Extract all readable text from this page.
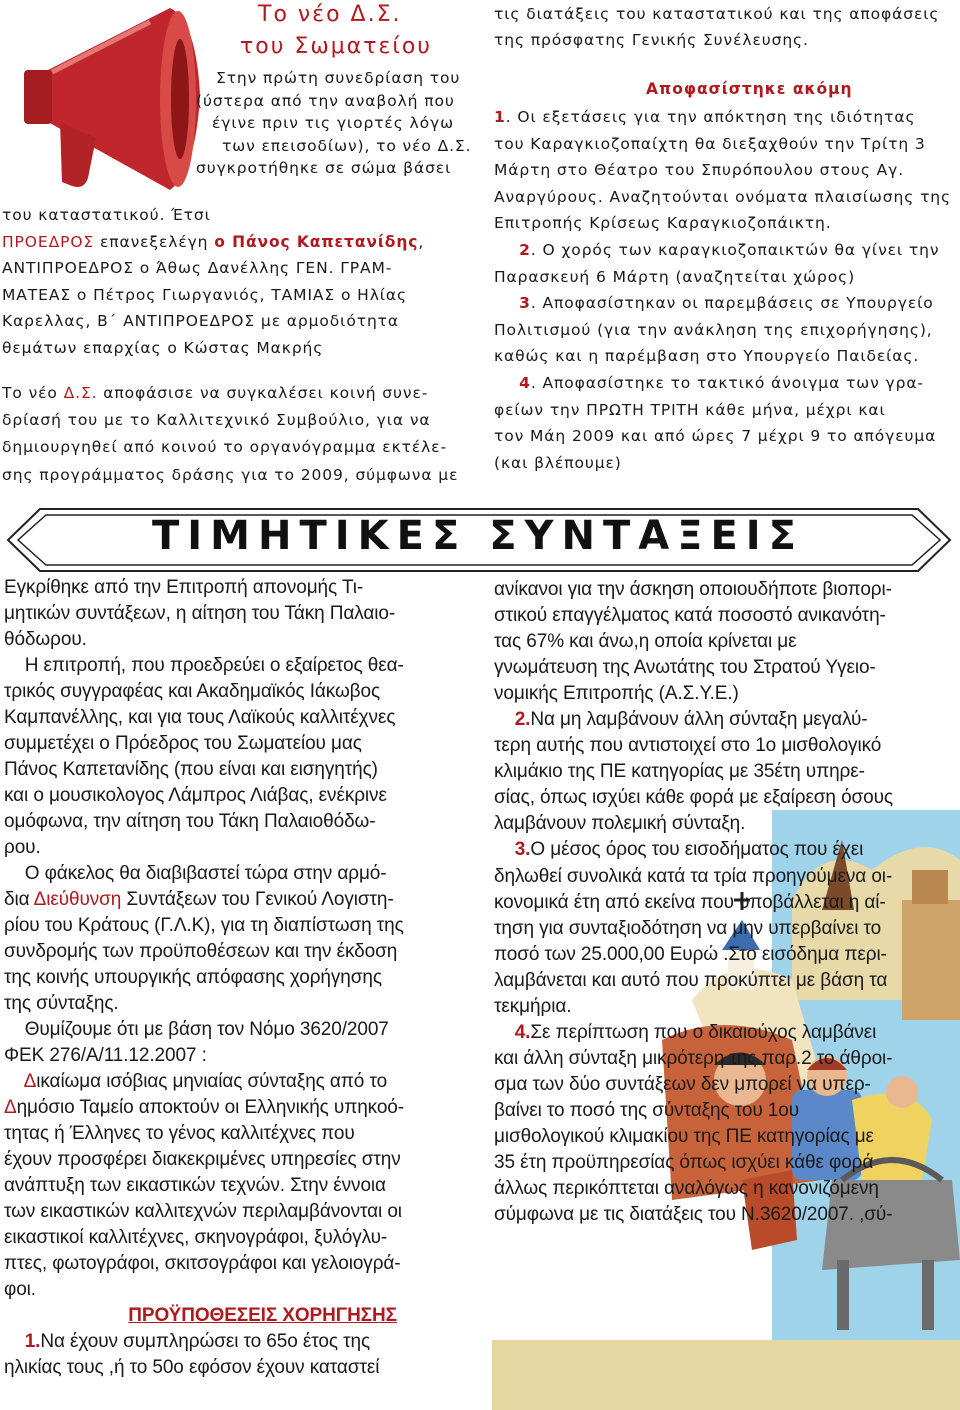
Το νέο Δ.Σ.
του Σωματείου
Στην πρώτη συνεδρίαση του
(ύστερα από την αναβολή που
έγινε πριν τις γιορτές λόγω
των επεισοδίων), το νέο Δ.Σ.
συγκροτήθηκε σε σώμα βάσει
του καταστατικού. Έτσι
ΠΡΟΕΔΡΟΣ επανεξελέγη ο Πάνος Καπετανίδης,
ΑΝΤΙΠΡΟΕΔΡΟΣ ο Άθως Δανέλλης ΓΕΝ. ΓΡΑΜ-
ΜΑΤΕΑΣ ο Πέτρος Γιωργανιός, ΤΑΜΙΑΣ ο Ηλίας
Καρελλας, Β΄ ΑΝΤΙΠΡΟΕΔΡΟΣ με αρμοδιότητα
θεμάτων επαρχίας ο Κώστας Μακρής
Το νέο Δ.Σ. αποφάσισε να συγκαλέσει κοινή συνε-
δρίασή του με το Καλλιτεχνικό Συμβούλιο, για να
δημιουργηθεί από κοινού το οργανόγραμμα εκτέλε-
σης προγράμματος δράσης για το 2009, σύμφωνα με
τις διατάξεις του καταστατικού και της αποφάσεις
της πρόσφατης Γενικής Συνέλευσης.
Αποφασίστηκε ακόμη
1. Οι εξετάσεις για την απόκτηση της ιδιότητας
του Καραγκιοζοπαίχτη θα διεξαχθούν την Τρίτη 3
Μάρτη στο Θέατρο του Σπυρόπουλου στους Αγ.
Αναργύρους. Αναζητούνται ονόματα πλαισίωσης της
Επιτροπής Κρίσεως Καραγκιοζοπάικτη.
2. Ο χορός των καραγκιοζοπαικτών θα γίνει την
Παρασκευή 6 Μάρτη (αναζητείται χώρος)
3. Αποφασίστηκαν οι παρεμβάσεις σε Υπουργείο
Πολιτισμού (για την ανάκληση της επιχορήγησης),
καθώς και η παρέμβαση στο Υπουργείο Παιδείας.
4. Αποφασίστηκε το τακτικό άνοιγμα των γρα-
φείων την ΠΡΩΤΗ ΤΡΙΤΗ κάθε μήνα, μέχρι και
τον Μάη 2009 και από ώρες 7 μέχρι 9 το απόγευμα
(και βλέπουμε)
ΤΙΜΗΤΙΚΕΣ ΣΥΝΤΑΞΕΙΣ
Εγκρίθηκε από την Επιτροπή απονομής Τι-
μητικών συντάξεων, η αίτηση του Τάκη Παλαιο-
θόδωρου.
Η επιτροπή, που προεδρεύει ο εξαίρετος θεα-
τρικός συγγραφέας και Ακαδημαϊκός Ιάκωβος
Καμπανέλλης, και για τους Λαϊκούς καλλιτέχνες
συμμετέχει ο Πρόεδρος του Σωματείου μας
Πάνος Καπετανίδης (που είναι και εισηγητής)
και ο μουσικολογος Λάμπρος Λιάβας, ενέκρινε
ομόφωνα, την αίτηση του Τάκη Παλαιοθόδω-
ρου.
Ο φάκελος θα διαβιβαστεί τώρα στην αρμό-
δια Διεύθυνση Συντάξεων του Γενικού Λογιστη-
ρίου του Κράτους (Γ.Λ.Κ), για τη διαπίστωση της
συνδρομής των προϋποθέσεων και την έκδοση
της κοινής υπουργικής απόφασης χορήγησης
της σύνταξης.
Θυμίζουμε ότι με βάση τον Νόμο 3620/2007
ΦΕΚ 276/Α/11.12.2007 :
Δικαίωμα ισόβιας μηνιαίας σύνταξης από το
Δημόσιο Ταμείο αποκτούν οι Ελληνικής υπηκοό-
τητας ή Έλληνες το γένος καλλιτέχνες που
έχουν προσφέρει διακεκριμένες υπηρεσίες στην
ανάπτυξη των εικαστικών τεχνών. Στην έννοια
των εικαστικών καλλιτεχνών περιλαμβάνονται οι
εικαστικοί καλλιτέχνες, σκηνογράφοι, ξυλόγλυ-
πτες, φωτογράφοι, σκιτσογράφοι και γελοιογρά-
φοι.
ΠΡΟΫΠΟΘΕΣΕΙΣ ΧΟΡΗΓΗΣΗΣ
1.Να έχουν συμπληρώσει το 65ο έτος της
ηλικίας τους ,ή το 50ο εφόσον έχουν καταστεί
ανίκανοι για την άσκηση οποιουδήποτε βιοπορι-
στικού επαγγέλματος κατά ποσοστό ανικανότη-
τας 67% και άνω,η οποία κρίνεται με
γνωμάτευση της Ανωτάτης του Στρατού Υγειο-
νομικής Επιτροπής (Α.Σ.Υ.Ε.)
2.Να μη λαμβάνουν άλλη σύνταξη μεγαλύ-
τερη αυτής που αντιστοιχεί στο 1ο μισθολογικό
κλιμάκιο της ΠΕ κατηγορίας με 35έτη υπηρε-
σίας, όπως ισχύει κάθε φορά με εξαίρεση όσους
λαμβάνουν πολεμική σύνταξη.
3.Ο μέσος όρος του εισοδήματος που έχει
δηλωθεί συνολικά κατά τα τρία προηγούμενα οι-
κονομικά έτη από εκείνα που υποβάλλεται η αί-
τηση για συνταξιοδότηση να μην υπερβαίνει το
ποσό των 25.000,00 Ευρώ .Στο εισόδημα περι-
λαμβάνεται και αυτό που προκύπτει με βάση τα
τεκμήρια.
4.Σε περίπτωση που ο δικαιούχος λαμβάνει
και άλλη σύνταξη μικρότερη της παρ.2 το άθροι-
σμα των δύο συντάξεων δεν μπορεί να υπερ-
βαίνει το ποσό της σύνταξης του 1ου
μισθολογικού κλιμακίου της ΠΕ κατηγορίας με
35 έτη προϋπηρεσίας όπως ισχύει κάθε φορά
άλλως περικόπτεται αναλόγως η κανονιζόμενη
σύμφωνα με τις διατάξεις του Ν.3620/2007. ,σύ-
